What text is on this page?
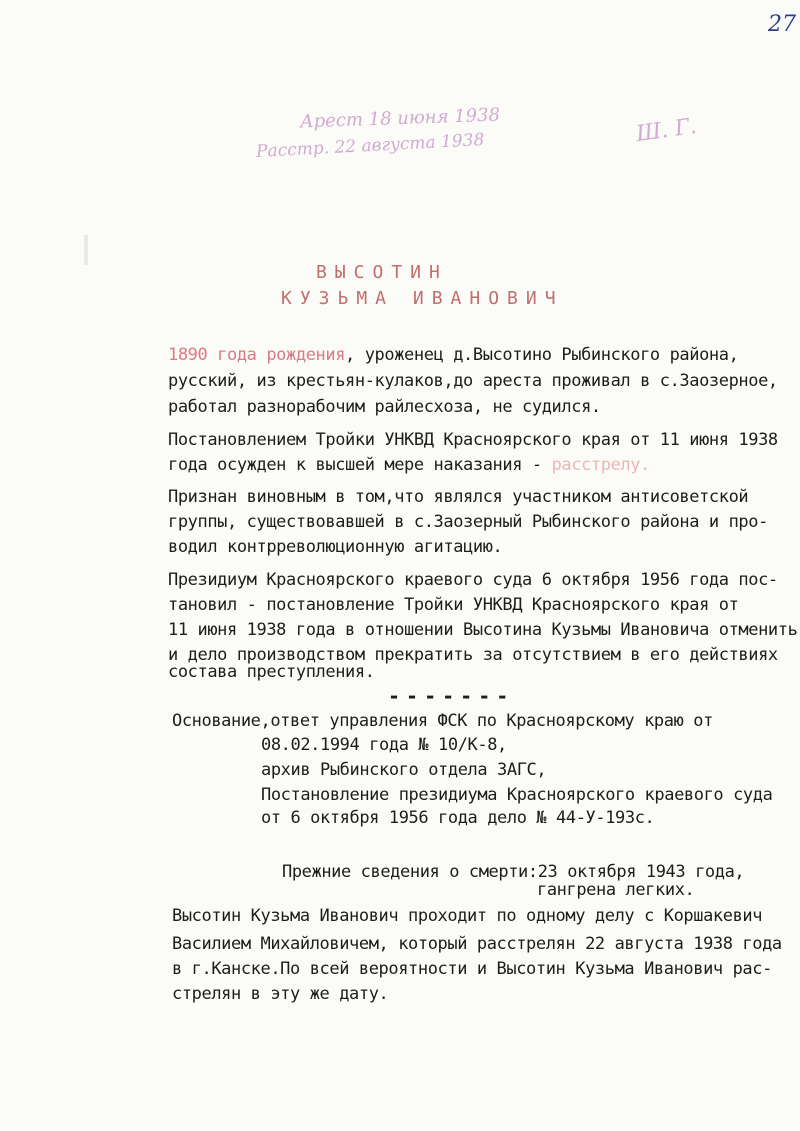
27
Арест 18 июня 1938
Расстр. 22 августа 1938	Ш. Г.
ВЫСОТИН
КУЗЬМА ИВАНОВИЧ
1890 года рождения, уроженец д.Высотино Рыбинского района,
русский, из крестьян-кулаков,до ареста проживал в с.Заозерное,
работал разнорабочим райлесхоза, не судился.
Постановлением Тройки УНКВД Красноярского края от 11 июня 1938
года осужден к высшей мере наказания - расстрелу.
Признан виновным в том,что являлся участником антисоветской
группы, существовавшей в с.Заозерный Рыбинского района и про-
водил контрреволюционную агитацию.
Президиум Красноярского краевого суда 6 октября 1956 года пос-
тановил - постановление Тройки УНКВД Красноярского края от
11 июня 1938 года в отношении Высотина Кузьмы Ивановича отменить
и дело производством прекратить за отсутствием в его действиях
состава преступления.
-------
Основание,ответ управления ФСК по Красноярскому краю от
08.02.1994 года № 10/К-8,
архив Рыбинского отдела ЗАГС,
Постановление президиума Красноярского краевого суда
от 6 октября 1956 года дело № 44-У-193с.
Прежние сведения о смерти:23 октября 1943 года,
гангрена легких.
Высотин Кузьма Иванович проходит по одному делу с Коршакевич
Василием Михайловичем, который расстрелян 22 августа 1938 года
в г.Канске.По всей вероятности и Высотин Кузьма Иванович рас-
стрелян в эту же дату.
